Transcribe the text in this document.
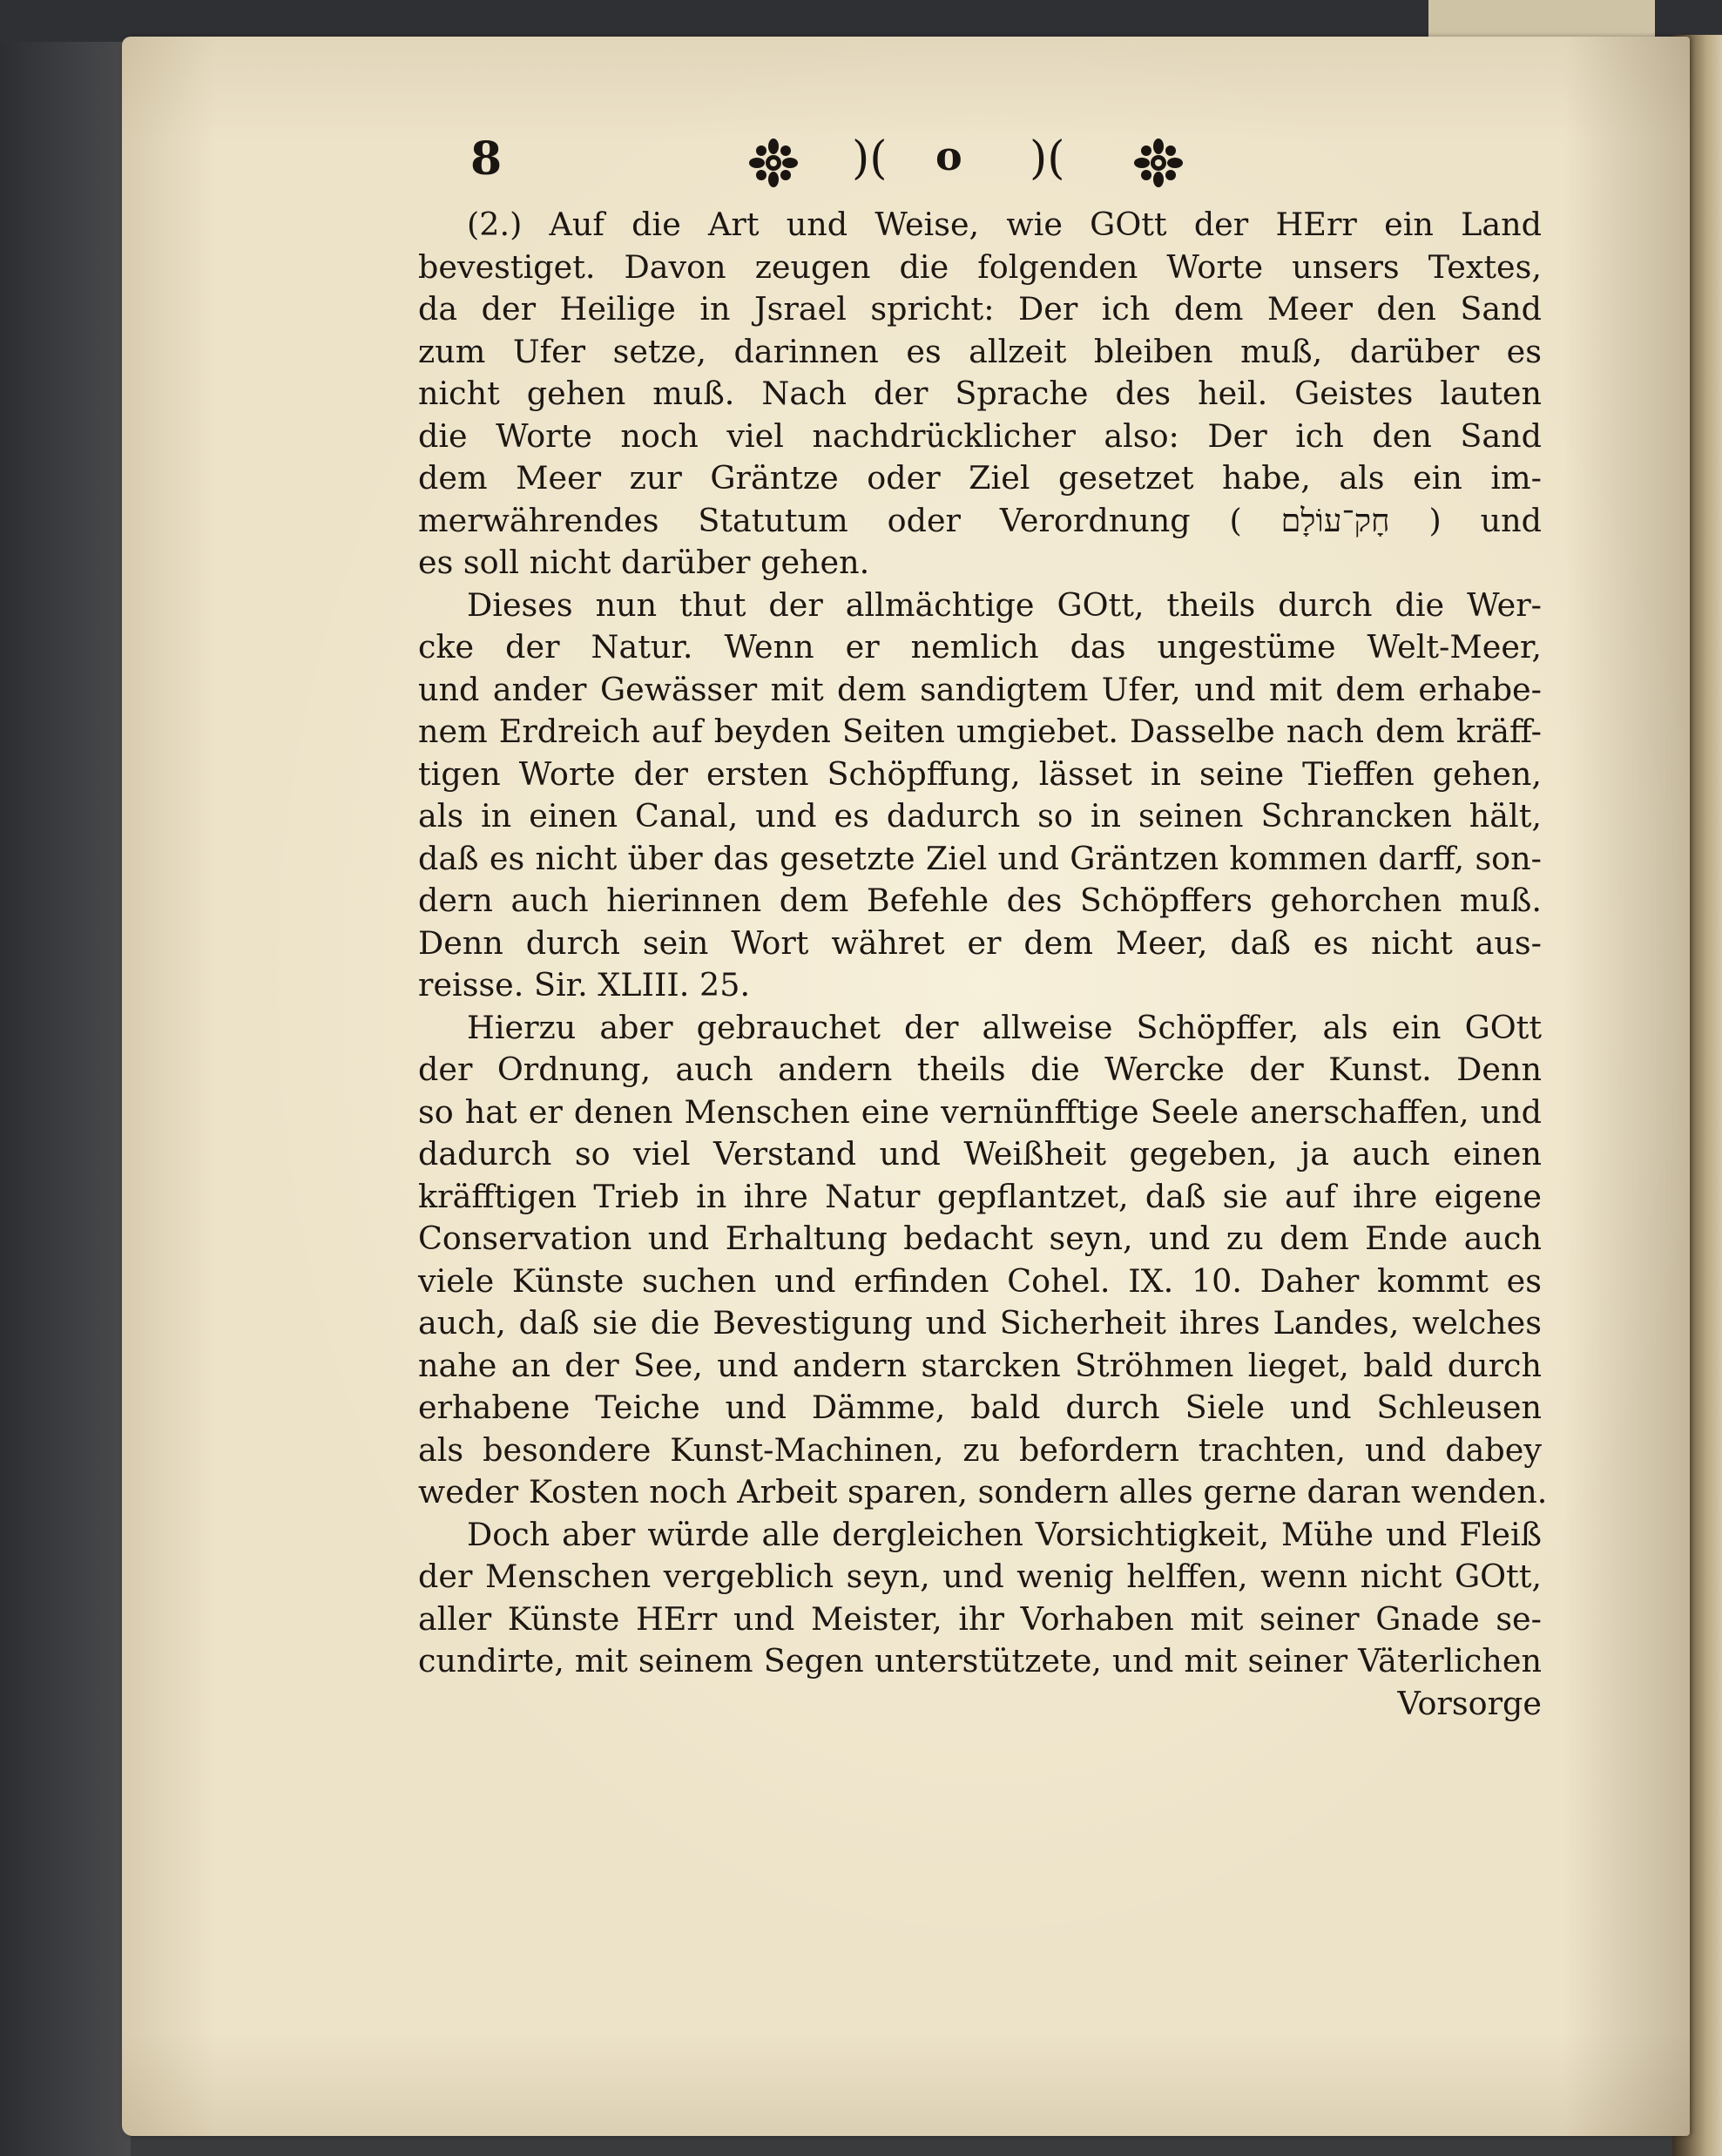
8	)( o )(
(2.) Auf die Art und Weise, wie GOtt der HErr ein Land
bevestiget. Davon zeugen die folgenden Worte unsers Textes,
da der Heilige in Jsrael spricht: Der ich dem Meer den Sand
zum Ufer setze, darinnen es allzeit bleiben muß, darüber es
nicht gehen muß. Nach der Sprache des heil. Geistes lauten
die Worte noch viel nachdrücklicher also: Der ich den Sand
dem Meer zur Gräntze oder Ziel gesetzet habe, als ein im-
merwährendes Statutum oder Verordnung ( חָק־עוֹלָם ) und
es soll nicht darüber gehen.
Dieses nun thut der allmächtige GOtt, theils durch die Wer-
cke der Natur. Wenn er nemlich das ungestüme Welt-Meer,
und ander Gewässer mit dem sandigtem Ufer, und mit dem erhabe-
nem Erdreich auf beyden Seiten umgiebet. Dasselbe nach dem kräff-
tigen Worte der ersten Schöpffung, lässet in seine Tieffen gehen,
als in einen Canal, und es dadurch so in seinen Schrancken hält,
daß es nicht über das gesetzte Ziel und Gräntzen kommen darff, son-
dern auch hierinnen dem Befehle des Schöpffers gehorchen muß.
Denn durch sein Wort währet er dem Meer, daß es nicht aus-
reisse. Sir. XLIII. 25.
Hierzu aber gebrauchet der allweise Schöpffer, als ein GOtt
der Ordnung, auch andern theils die Wercke der Kunst. Denn
so hat er denen Menschen eine vernünfftige Seele anerschaffen, und
dadurch so viel Verstand und Weißheit gegeben, ja auch einen
kräfftigen Trieb in ihre Natur gepflantzet, daß sie auf ihre eigene
Conservation und Erhaltung bedacht seyn, und zu dem Ende auch
viele Künste suchen und erfinden Cohel. IX. 10. Daher kommt es
auch, daß sie die Bevestigung und Sicherheit ihres Landes, welches
nahe an der See, und andern starcken Ströhmen lieget, bald durch
erhabene Teiche und Dämme, bald durch Siele und Schleusen
als besondere Kunst-Machinen, zu befordern trachten, und dabey
weder Kosten noch Arbeit sparen, sondern alles gerne daran wenden.
Doch aber würde alle dergleichen Vorsichtigkeit, Mühe und Fleiß
der Menschen vergeblich seyn, und wenig helffen, wenn nicht GOtt,
aller Künste HErr und Meister, ihr Vorhaben mit seiner Gnade se-
cundirte, mit seinem Segen unterstützete, und mit seiner Väterlichen
Vorsorge
